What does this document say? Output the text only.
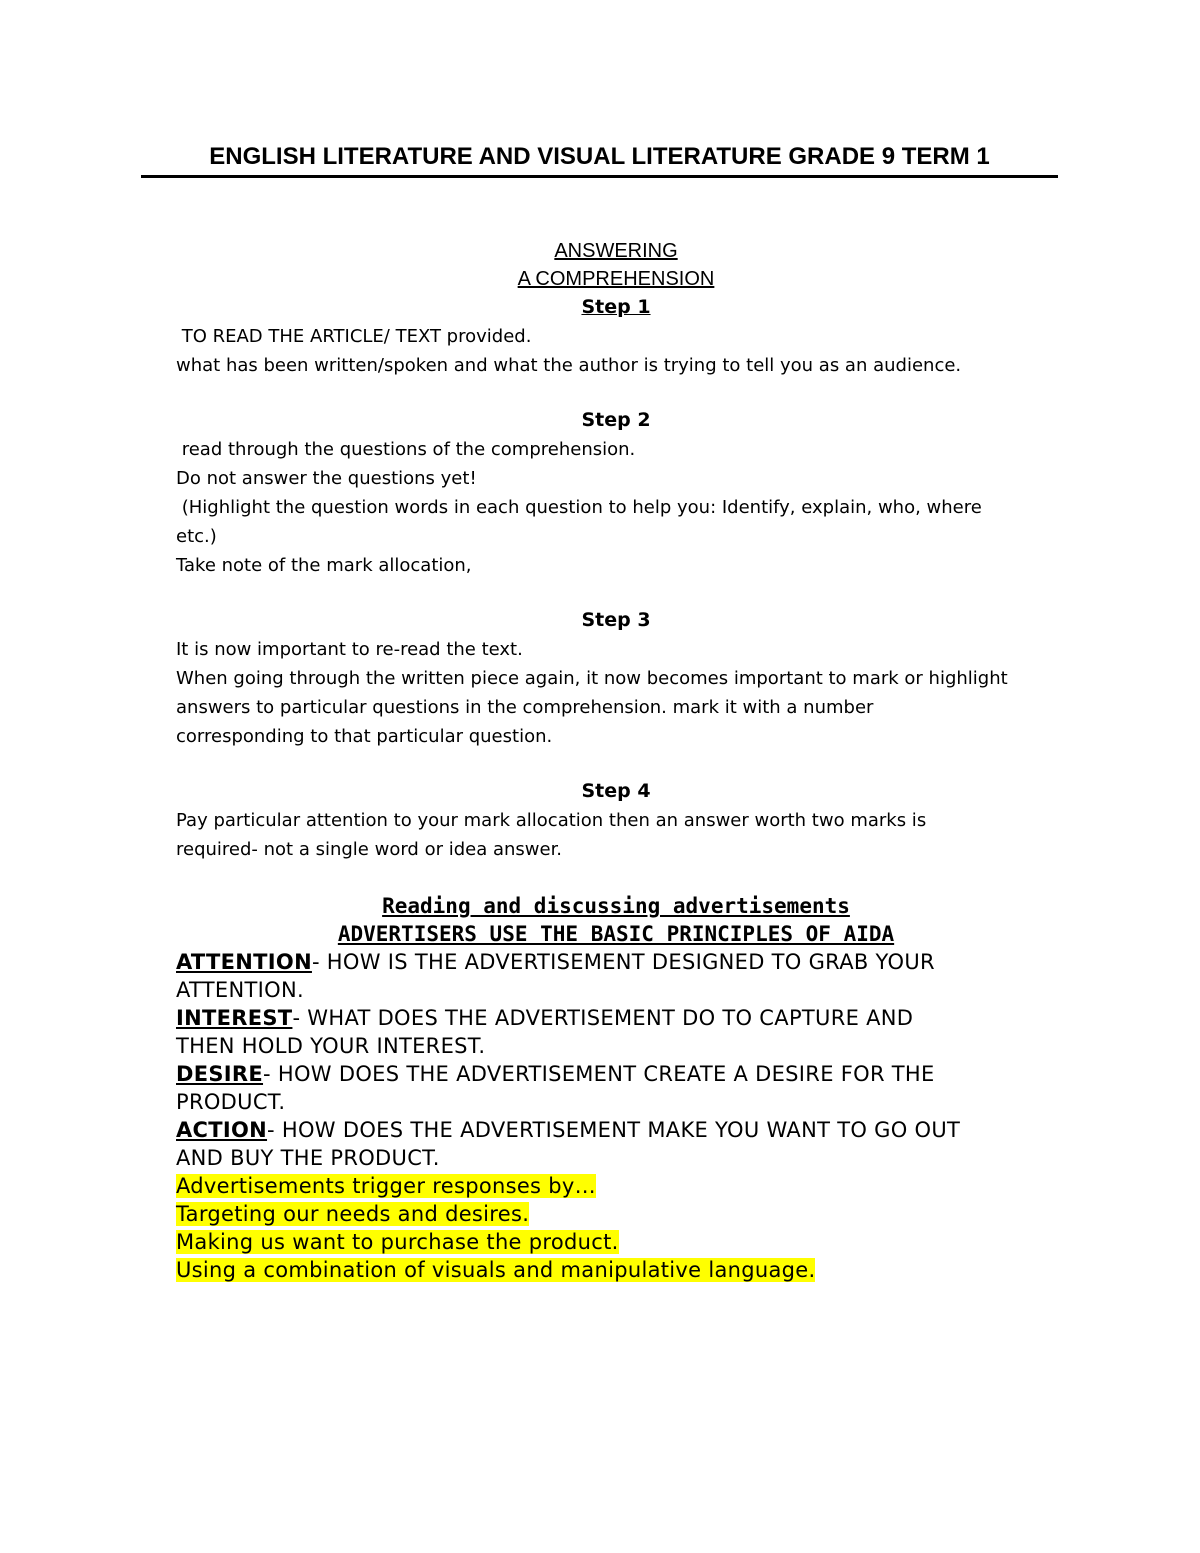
ENGLISH LITERATURE AND VISUAL LITERATURE GRADE 9 TERM 1
ANSWERING
A COMPREHENSION
Step 1
TO READ THE ARTICLE/ TEXT provided.
what has been written/spoken and what the author is trying to tell you as an audience.
Step 2
read through the questions of the comprehension.
Do not answer the questions yet!
(Highlight the question words in each question to help you: Identify, explain, who, where
etc.)
Take note of the mark allocation,
Step 3
It is now important to re-read the text.
When going through the written piece again, it now becomes important to mark or highlight
answers to particular questions in the comprehension. mark it with a number
corresponding to that particular question.
Step 4
Pay particular attention to your mark allocation then an answer worth two marks is
required- not a single word or idea answer.
Reading and discussing advertisements
ADVERTISERS USE THE BASIC PRINCIPLES OF AIDA
ATTENTION- HOW IS THE ADVERTISEMENT DESIGNED TO GRAB YOUR
ATTENTION.
INTEREST- WHAT DOES THE ADVERTISEMENT DO TO CAPTURE AND
THEN HOLD YOUR INTEREST.
DESIRE- HOW DOES THE ADVERTISEMENT CREATE A DESIRE FOR THE
PRODUCT.
ACTION- HOW DOES THE ADVERTISEMENT MAKE YOU WANT TO GO OUT
AND BUY THE PRODUCT.
Advertisements trigger responses by…
Targeting our needs and desires.
Making us want to purchase the product.
Using a combination of visuals and manipulative language.
